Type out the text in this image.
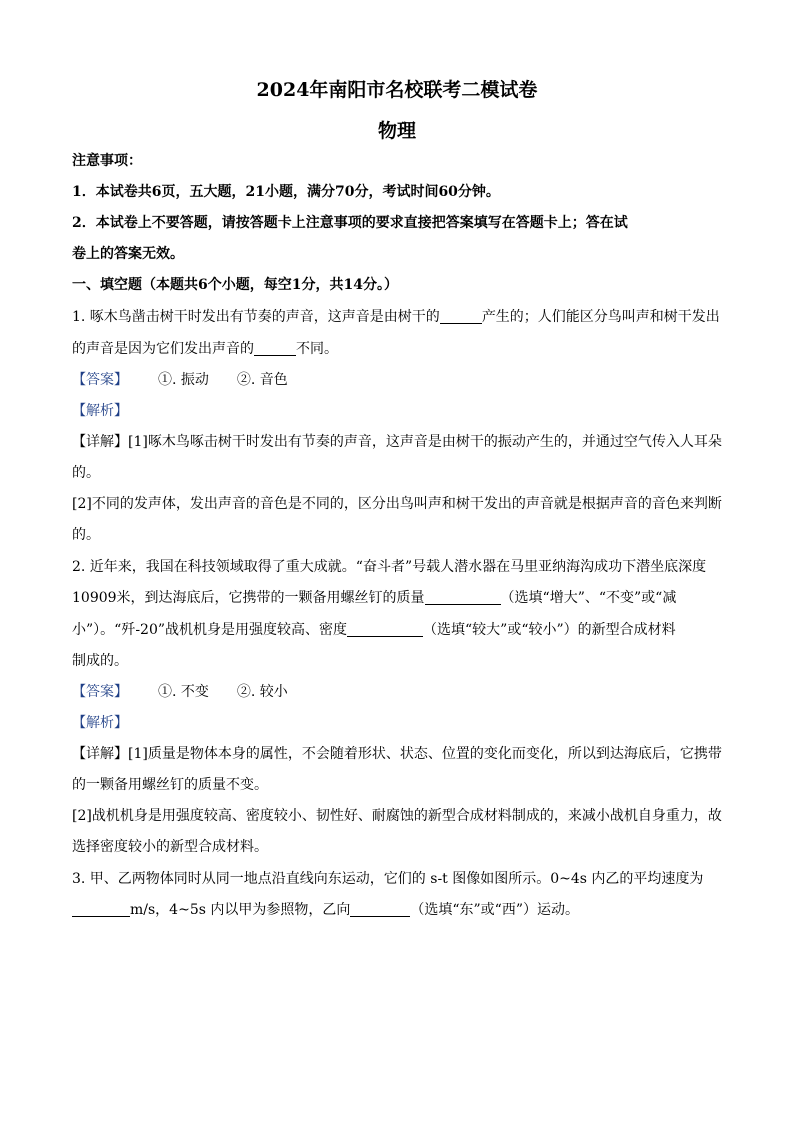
2024年南阳市名校联考二模试卷
物理
注意事项：
1．本试卷共6页，五大题，21小题，满分70分，考试时间60分钟。
2．本试卷上不要答题，请按答题卡上注意事项的要求直接把答案填写在答题卡上；答在试
卷上的答案无效。
一、填空题（本题共6个小题，每空1分，共14分。）
1. 啄木鸟凿击树干时发出有节奏的声音，这声音是由树干的	产生的；人们能区分鸟叫声和树干发出
的声音是因为它们发出声音的	不同。
【答案】 ①. 振动　　②. 音色
【解析】
【详解】[1]啄木鸟啄击树干时发出有节奏的声音，这声音是由树干的振动产生的，并通过空气传入人耳朵
的。
[2]不同的发声体，发出声音的音色是不同的，区分出鸟叫声和树干发出的声音就是根据声音的音色来判断
的。
2. 近年来，我国在科技领域取得了重大成就。“奋斗者”号载人潜水器在马里亚纳海沟成功下潜坐底深度
10909米，到达海底后，它携带的一颗备用螺丝钉的质量	（选填“增大”、“不变”或“减
小”）。“歼-20”战机机身是用强度较高、密度	（选填“较大”或“较小”）的新型合成材料
制成的。
【答案】 ①. 不变　　②. 较小
【解析】
【详解】[1]质量是物体本身的属性，不会随着形状、状态、位置的变化而变化，所以到达海底后，它携带
的一颗备用螺丝钉的质量不变。
[2]战机机身是用强度较高、密度较小、韧性好、耐腐蚀的新型合成材料制成的，来减小战机自身重力，故
选择密度较小的新型合成材料。
3. 甲、乙两物体同时从同一地点沿直线向东运动，它们的 s-t 图像如图所示。0~4s 内乙的平均速度为
m/s，4~5s 内以甲为参照物，乙向	（选填“东”或“西”）运动。
